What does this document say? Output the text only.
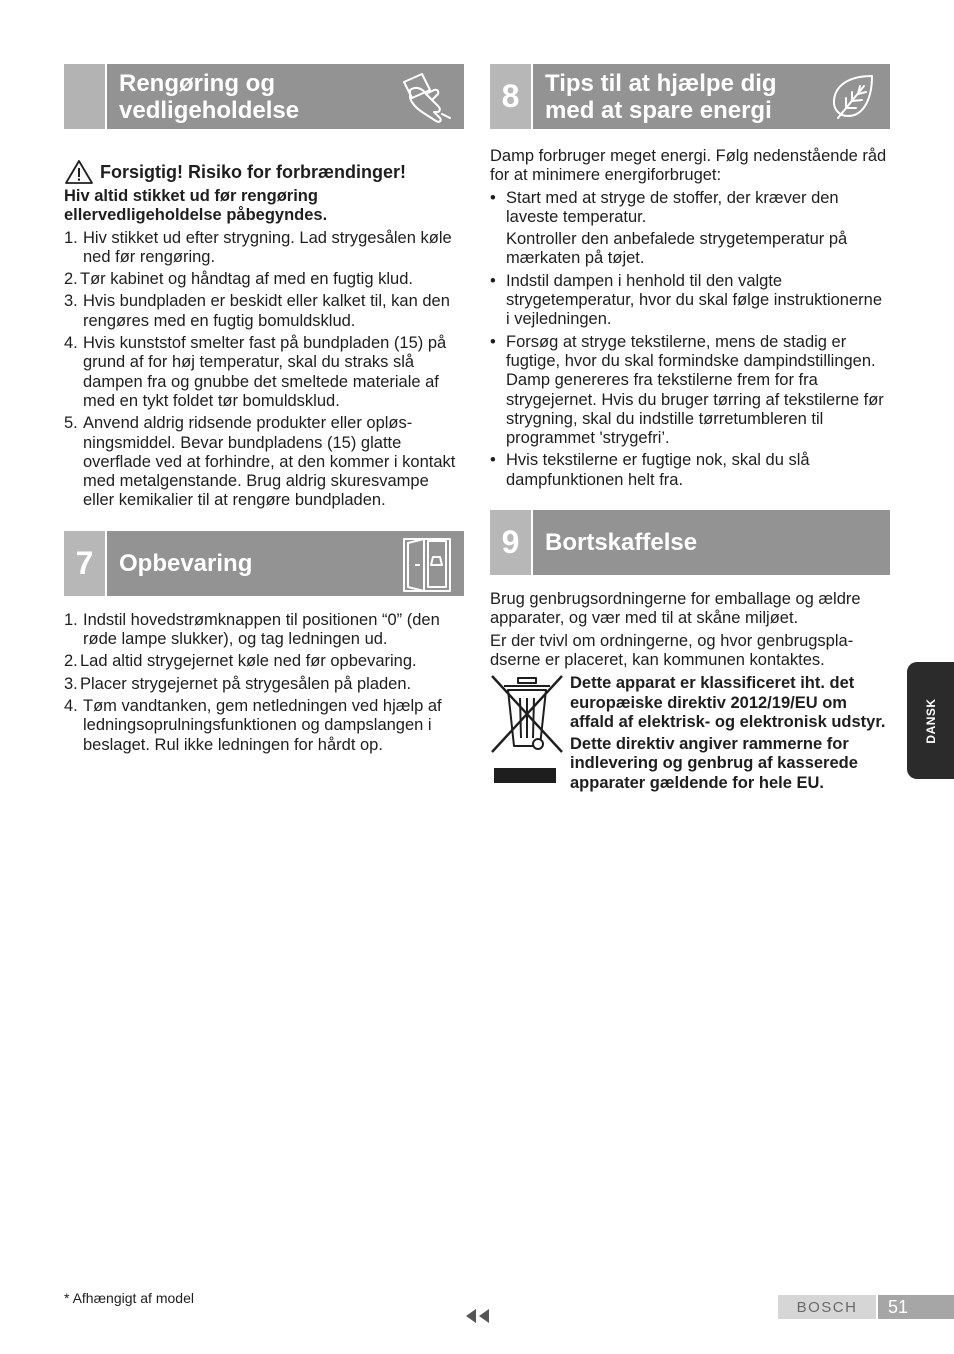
Rengøring og
vedligeholdelse
Forsigtig! Risiko for forbrændinger!

Hiv altid stikket ud før rengøring ellervedligeholdelse påbegyndes.

1. Hiv stikket ud efter strygning. Lad strygesålen køle ned før rengøring.
2. Tør kabinet og håndtag af med en fugtig klud.
3. Hvis bundpladen er beskidt eller kalket til, kan den rengøres med en fugtig bomuldsklud.
4. Hvis kunststof smelter fast på bundpladen (15) på grund af for høj temperatur, skal du straks slå dampen fra og gnubbe det smeltede materiale af med en tykt foldet tør bomuldsklud.
5. Anvend aldrig ridsende produkter eller opløs-ningsmiddel. Bevar bundpladens (15) glatte overflade ved at forhindre, at den kommer i kontakt med metalgenstande. Brug aldrig skuresvampe eller kemikalier til at rengøre bundpladen.
7	Opbevaring
1. Indstil hovedstrømknappen til positionen “0” (den røde lampe slukker), og tag ledningen ud.
2. Lad altid strygejernet køle ned før opbevaring.
3. Placer strygejernet på strygesålen på pladen.
4. Tøm vandtanken, gem netledningen ved hjælp af ledningsoprulningsfunktionen og dampslangen i beslaget. Rul ikke ledningen for hårdt op.
8	Tips til at hjælpe dig
med at spare energi

Damp forbruger meget energi. Følg nedenstående råd for at minimere energiforbruget:

• Start med at stryge de stoffer, der kræver den laveste temperatur.
Kontroller den anbefalede strygetemperatur på mærkaten på tøjet.
• Indstil dampen i henhold til den valgte strygetemperatur, hvor du skal følge instruktionerne i vejledningen.
• Forsøg at stryge tekstilerne, mens de stadig er fugtige, hvor du skal formindske dampindstillingen. Damp genereres fra tekstilerne frem for fra strygejernet. Hvis du bruger tørring af tekstilerne før strygning, skal du indstille tørretumbleren til programmet 'strygefri’.
• Hvis tekstilerne er fugtige nok, skal du slå dampfunktionen helt fra.
9	Bortskaffelse

Brug genbrugsordningerne for emballage og ældre apparater, og vær med til at skåne miljøet.

Er der tvivl om ordningerne, og hvor genbrugspla-dserne er placeret, kan kommunen kontaktes.

Dette apparat er klassificeret iht. det europæiske direktiv 2012/19/EU om affald af elektrisk- og elektronisk udstyr.

Dette direktiv angiver rammerne for indlevering og genbrug af kasserede apparater gældende for hele EU.

DANSK
* Afhængigt af model
BOSCH	51
